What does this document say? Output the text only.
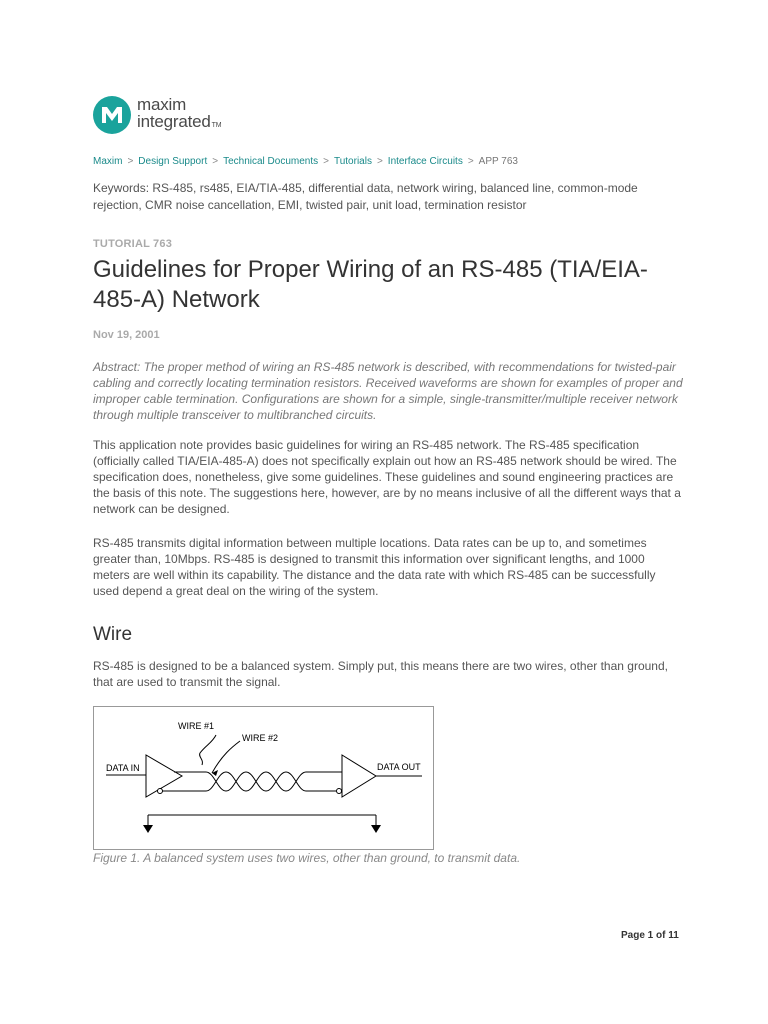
maxim
integratedTM
Maxim > Design Support > Technical Documents > Tutorials > Interface Circuits > APP 763
Keywords: RS-485, rs485, EIA/TIA-485, differential data, network wiring, balanced line, common-mode rejection, CMR noise cancellation, EMI, twisted pair, unit load, termination resistor
TUTORIAL 763
Guidelines for Proper Wiring of an RS-485 (TIA/EIA-485-A) Network
Nov 19, 2001
Abstract: The proper method of wiring an RS-485 network is described, with recommendations for twisted-pair cabling and correctly locating termination resistors. Received waveforms are shown for examples of proper and improper cable termination. Configurations are shown for a simple, single-transmitter/multiple receiver network through multiple transceiver to multibranched circuits.
This application note provides basic guidelines for wiring an RS-485 network. The RS-485 specification (officially called TIA/EIA-485-A) does not specifically explain out how an RS-485 network should be wired. The specification does, nonetheless, give some guidelines. These guidelines and sound engineering practices are the basis of this note. The suggestions here, however, are by no means inclusive of all the different ways that a network can be designed.
RS-485 transmits digital information between multiple locations. Data rates can be up to, and sometimes greater than, 10Mbps. RS-485 is designed to transmit this information over significant lengths, and 1000 meters are well within its capability. The distance and the data rate with which RS-485 can be successfully used depend a great deal on the wiring of the system.
Wire
RS-485 is designed to be a balanced system. Simply put, this means there are two wires, other than ground, that are used to transmit the signal.
WIRE #1
WIRE #2
DATA IN	DATA OUT
Figure 1. A balanced system uses two wires, other than ground, to transmit data.
Page 1 of 11
